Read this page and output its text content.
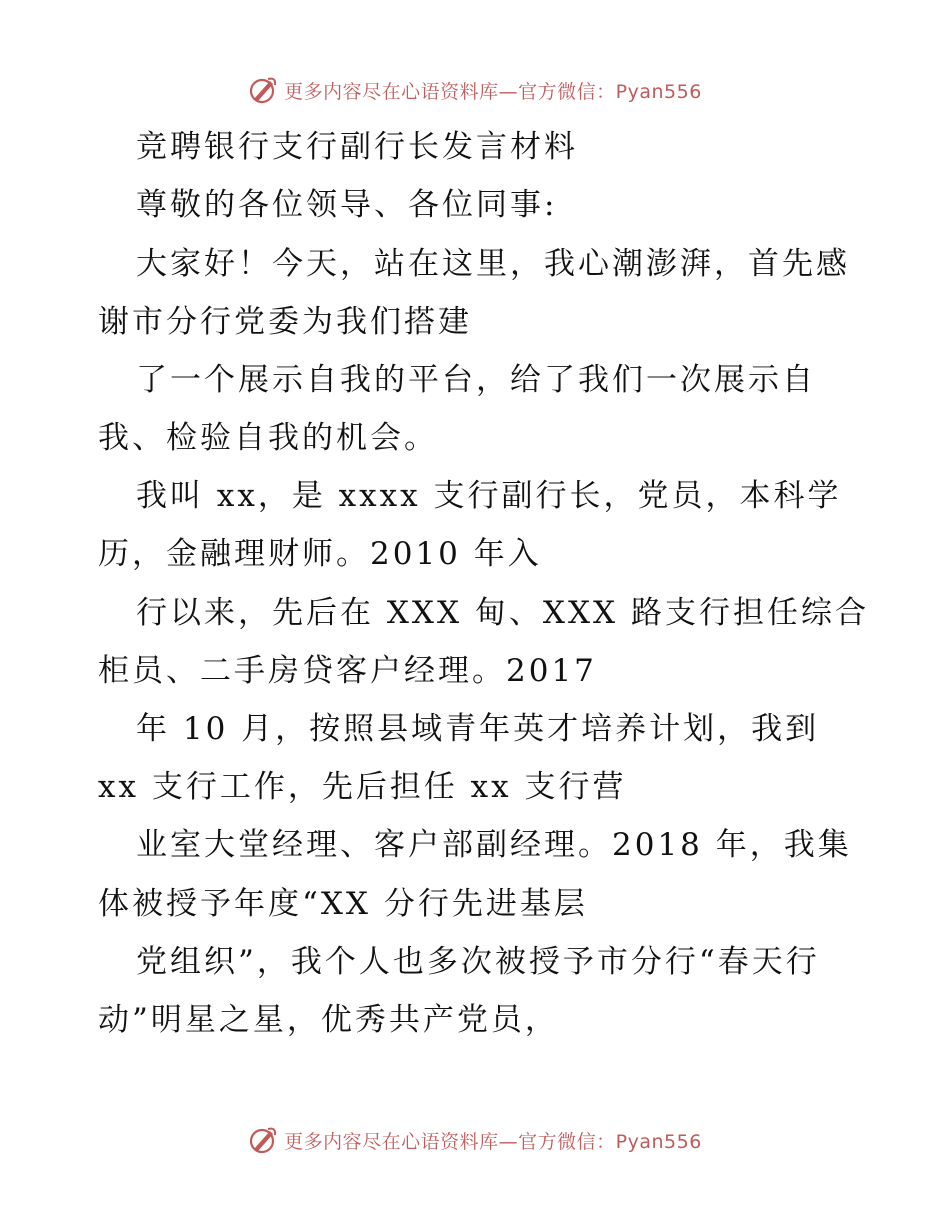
更多内容尽在心语资料库—官方微信：Pyan556
竞聘银行支行副行长发言材料
尊敬的各位领导、各位同事:
大家好！今天，站在这里，我心潮澎湃，首先感
谢市分行党委为我们搭建
了一个展示自我的平台，给了我们一次展示自
我、检验自我的机会。
我叫 xx，是 xxxx 支行副行长，党员，本科学
历，金融理财师。2010 年入
行以来，先后在 XXX 甸、XXX 路支行担任综合
柜员、二手房贷客户经理。2017
年 10 月，按照县域青年英才培养计划，我到
xx 支行工作，先后担任 xx 支行营
业室大堂经理、客户部副经理。2018 年，我集
体被授予年度“XX 分行先进基层
党组织”，我个人也多次被授予市分行“春天行
动”明星之星，优秀共产党员，
更多内容尽在心语资料库—官方微信：Pyan556
